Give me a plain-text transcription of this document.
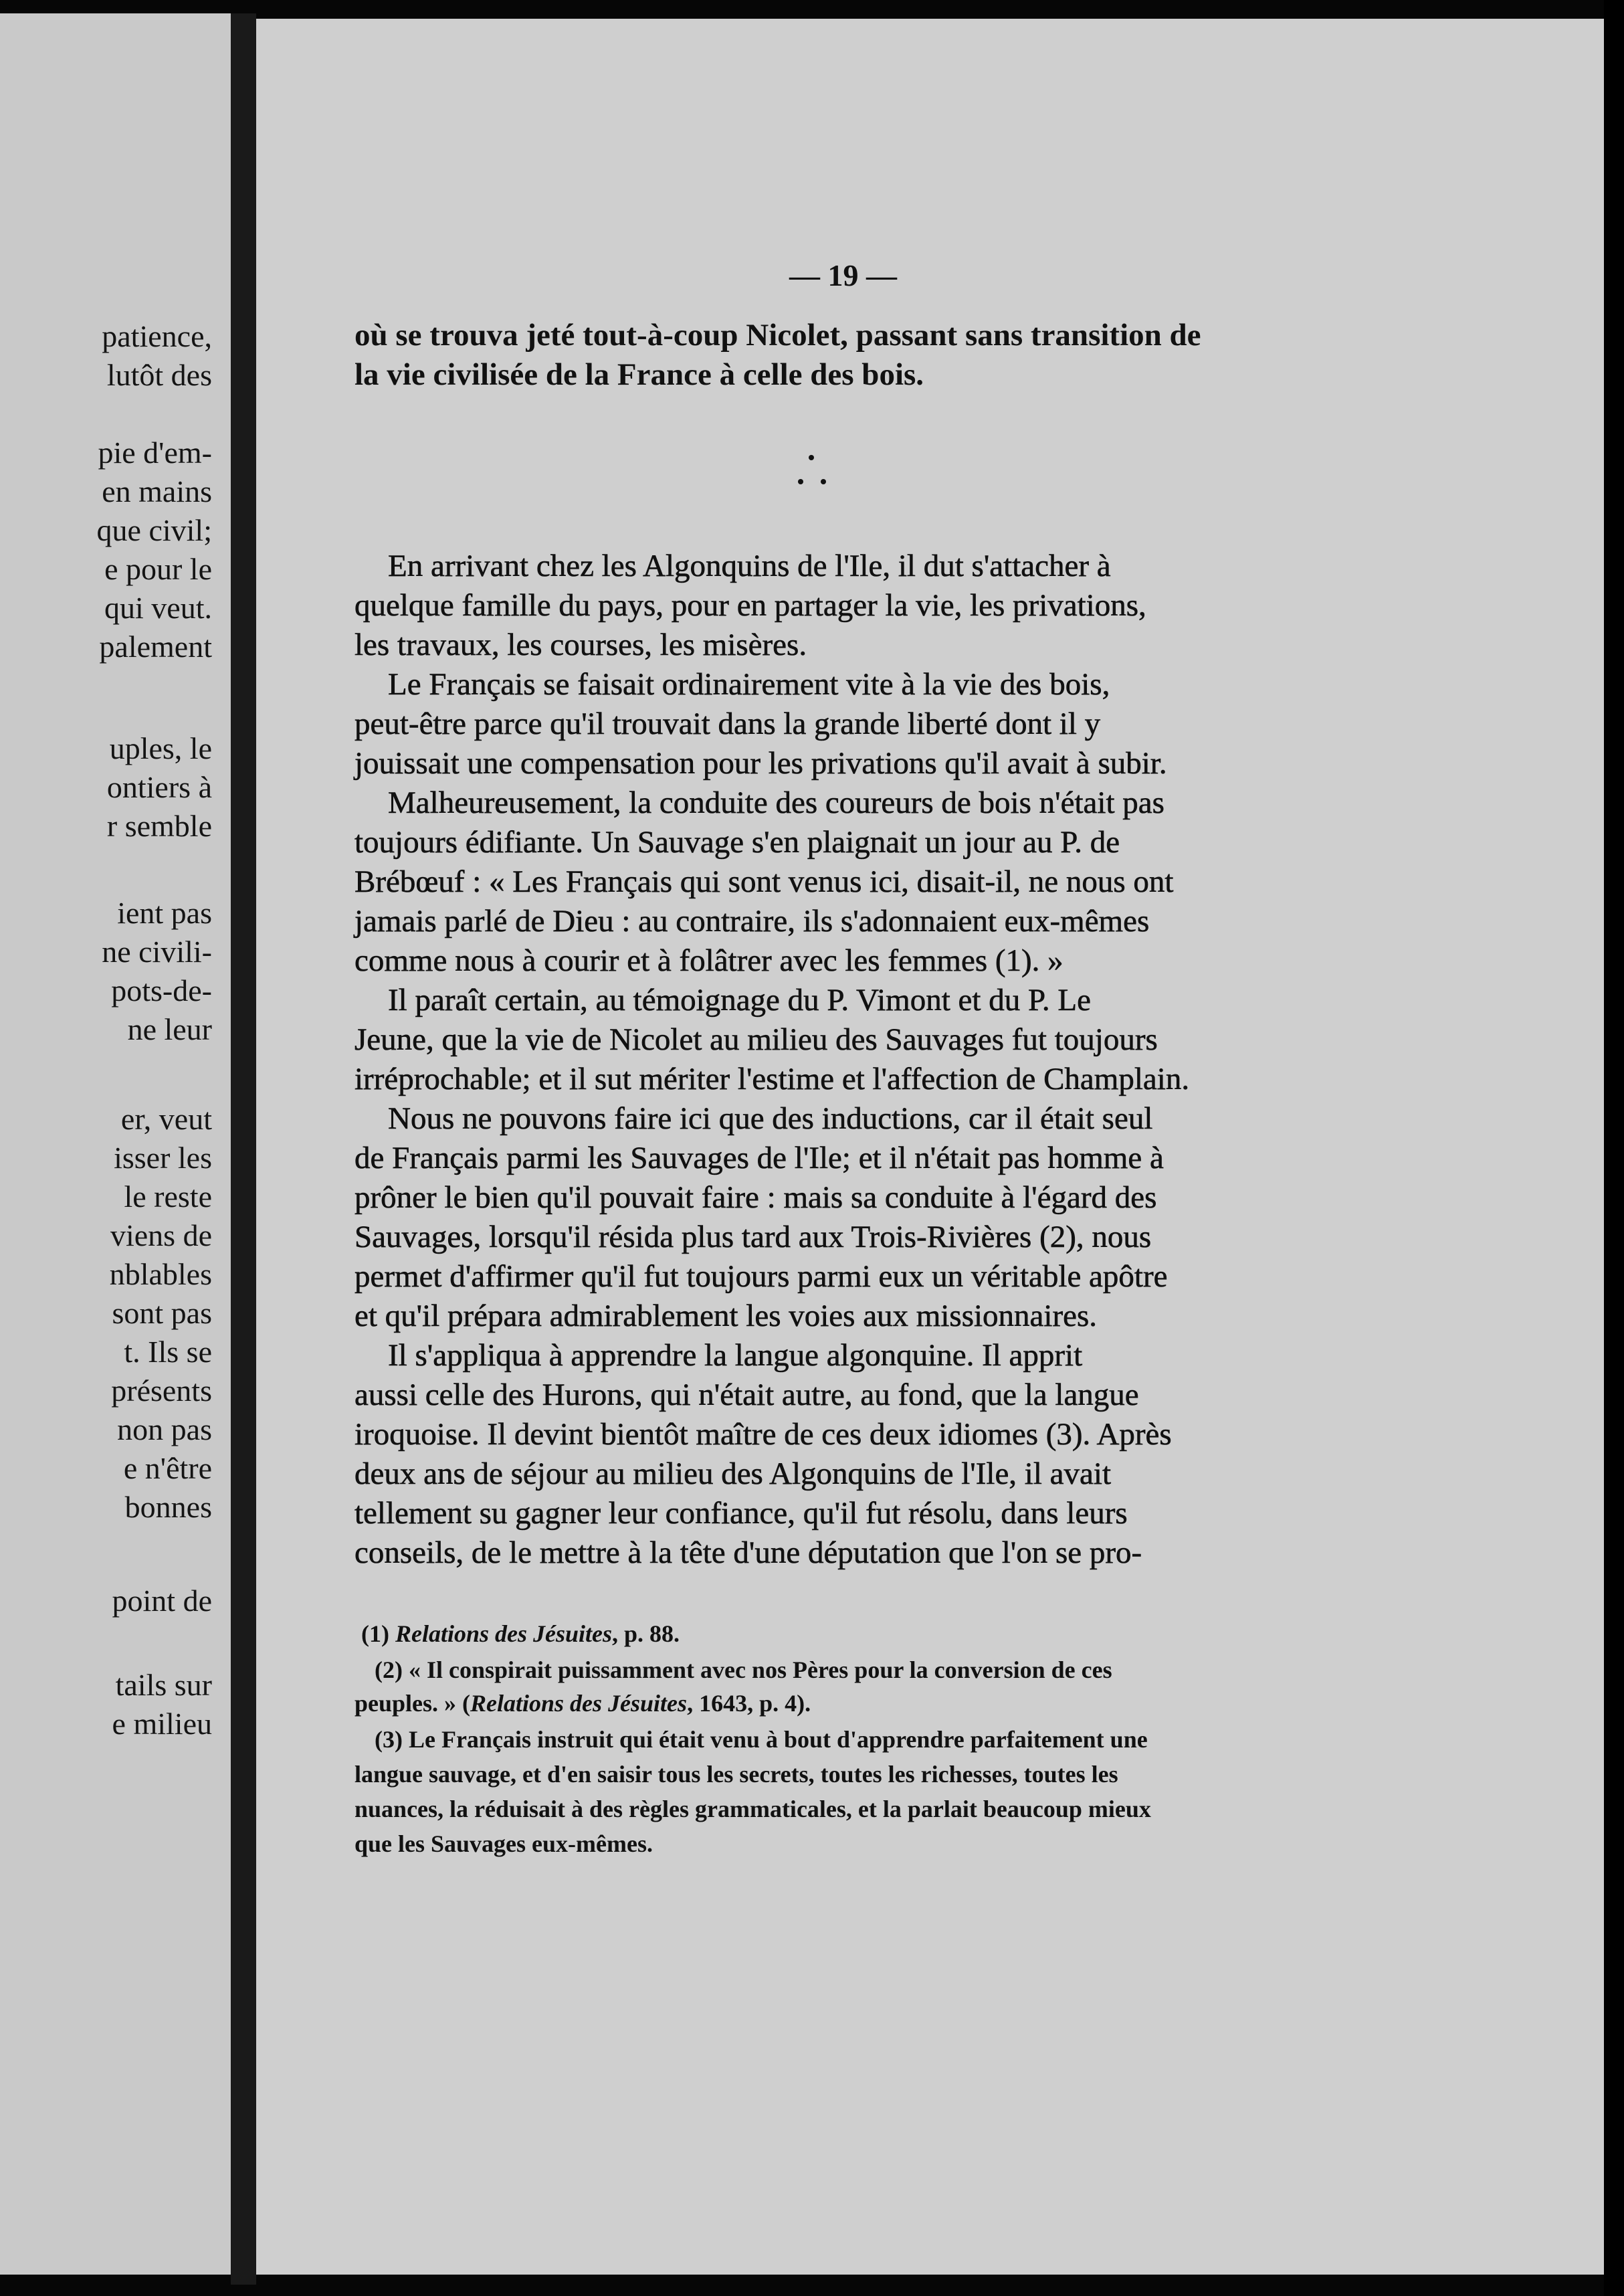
patience,
lutôt des
pie d'em-
en mains
que civil;
e pour le
qui veut.
palement
uples, le
ontiers à
r semble
ient pas
ne civili-
pots-de-
ne leur
er, veut
isser les
le reste
viens de
nblables
sont pas
t. Ils se
présents
non pas
e n'être
bonnes
point de
tails sur
e milieu
— 19 —
où se trouva jeté tout-à-coup Nicolet, passant sans transition de
la vie civilisée de la France à celle des bois.
En arrivant chez les Algonquins de l'Ile, il dut s'attacher à
quelque famille du pays, pour en partager la vie, les privations,
les travaux, les courses, les misères.
Le Français se faisait ordinairement vite à la vie des bois,
peut-être parce qu'il trouvait dans la grande liberté dont il y
jouissait une compensation pour les privations qu'il avait à subir.
Malheureusement, la conduite des coureurs de bois n'était pas
toujours édifiante. Un Sauvage s'en plaignait un jour au P. de
Brébœuf : « Les Français qui sont venus ici, disait-il, ne nous ont
jamais parlé de Dieu : au contraire, ils s'adonnaient eux-mêmes
comme nous à courir et à folâtrer avec les femmes (1). »
Il paraît certain, au témoignage du P. Vimont et du P. Le
Jeune, que la vie de Nicolet au milieu des Sauvages fut toujours
irréprochable; et il sut mériter l'estime et l'affection de Champlain.
Nous ne pouvons faire ici que des inductions, car il était seul
de Français parmi les Sauvages de l'Ile; et il n'était pas homme à
prôner le bien qu'il pouvait faire : mais sa conduite à l'égard des
Sauvages, lorsqu'il résida plus tard aux Trois-Rivières (2), nous
permet d'affirmer qu'il fut toujours parmi eux un véritable apôtre
et qu'il prépara admirablement les voies aux missionnaires.
Il s'appliqua à apprendre la langue algonquine. Il apprit
aussi celle des Hurons, qui n'était autre, au fond, que la langue
iroquoise. Il devint bientôt maître de ces deux idiomes (3). Après
deux ans de séjour au milieu des Algonquins de l'Ile, il avait
tellement su gagner leur confiance, qu'il fut résolu, dans leurs
conseils, de le mettre à la tête d'une députation que l'on se pro-
(1) Relations des Jésuites, p. 88.
(2) « Il conspirait puissamment avec nos Pères pour la conversion de ces
peuples. » (Relations des Jésuites, 1643, p. 4).
(3) Le Français instruit qui était venu à bout d'apprendre parfaitement une
langue sauvage, et d'en saisir tous les secrets, toutes les richesses, toutes les
nuances, la réduisait à des règles grammaticales, et la parlait beaucoup mieux
que les Sauvages eux-mêmes.
